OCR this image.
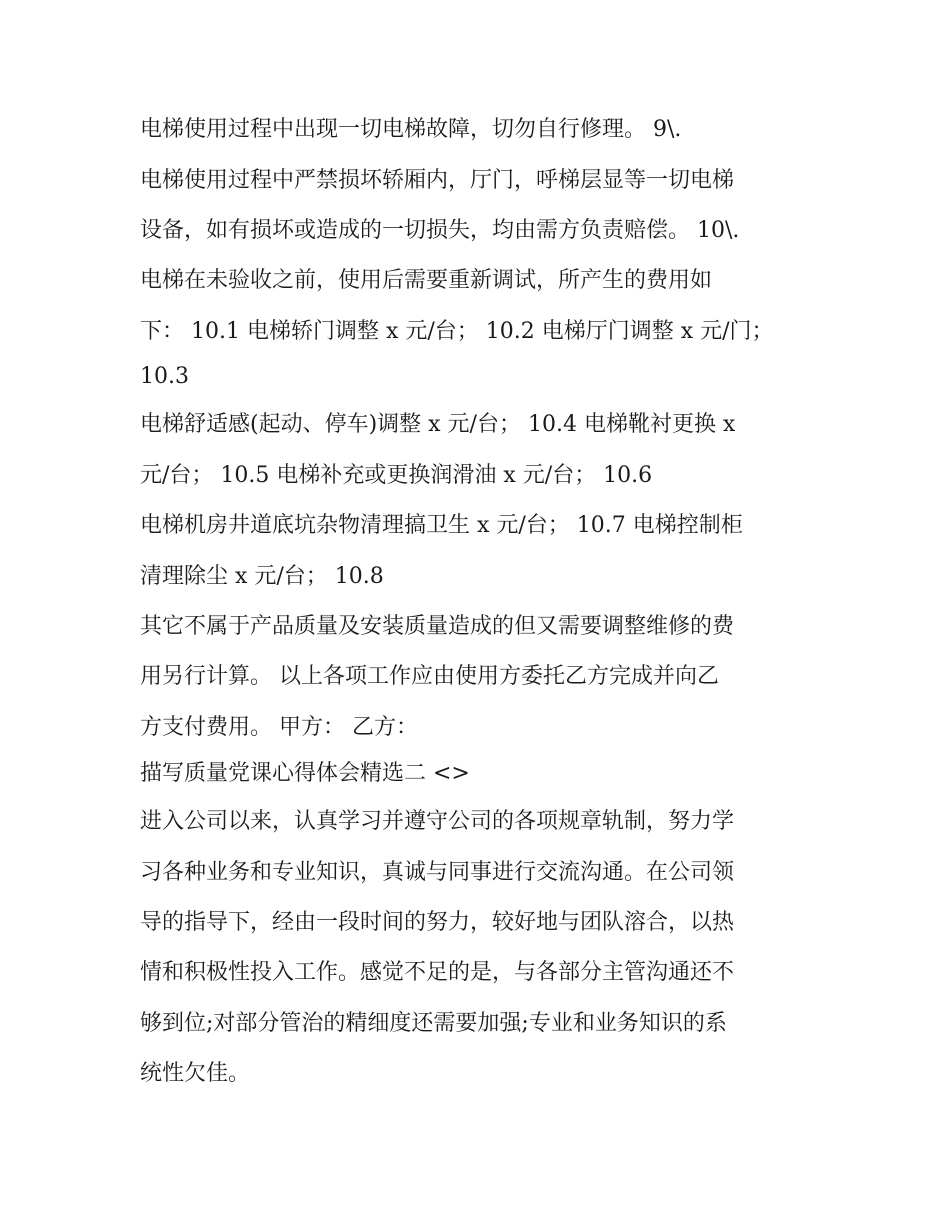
电梯使用过程中出现一切电梯故障，切勿自行修理。 9\.

电梯使用过程中严禁损坏轿厢内，厅门，呼梯层显等一切电梯

设备，如有损坏或造成的一切损失，均由需方负责赔偿。 10\.

电梯在未验收之前，使用后需要重新调试，所产生的费用如

下： 10.1 电梯轿门调整 x 元/台； 10.2 电梯厅门调整 x 元/门；

10.3

电梯舒适感(起动、停车)调整 x 元/台； 10.4 电梯靴衬更换 x

元/台； 10.5 电梯补充或更换润滑油 x 元/台； 10.6

电梯机房井道底坑杂物清理搞卫生 x 元/台； 10.7 电梯控制柜

清理除尘 x 元/台； 10.8

其它不属于产品质量及安装质量造成的但又需要调整维修的费

用另行计算。 以上各项工作应由使用方委托乙方完成并向乙

方支付费用。 甲方： 乙方：

描写质量党课心得体会精选二 <>

进入公司以来，认真学习并遵守公司的各项规章轨制，努力学

习各种业务和专业知识，真诚与同事进行交流沟通。在公司领

导的指导下，经由一段时间的努力，较好地与团队溶合，以热

情和积极性投入工作。感觉不足的是，与各部分主管沟通还不

够到位;对部分管治的精细度还需要加强;专业和业务知识的系

统性欠佳。
